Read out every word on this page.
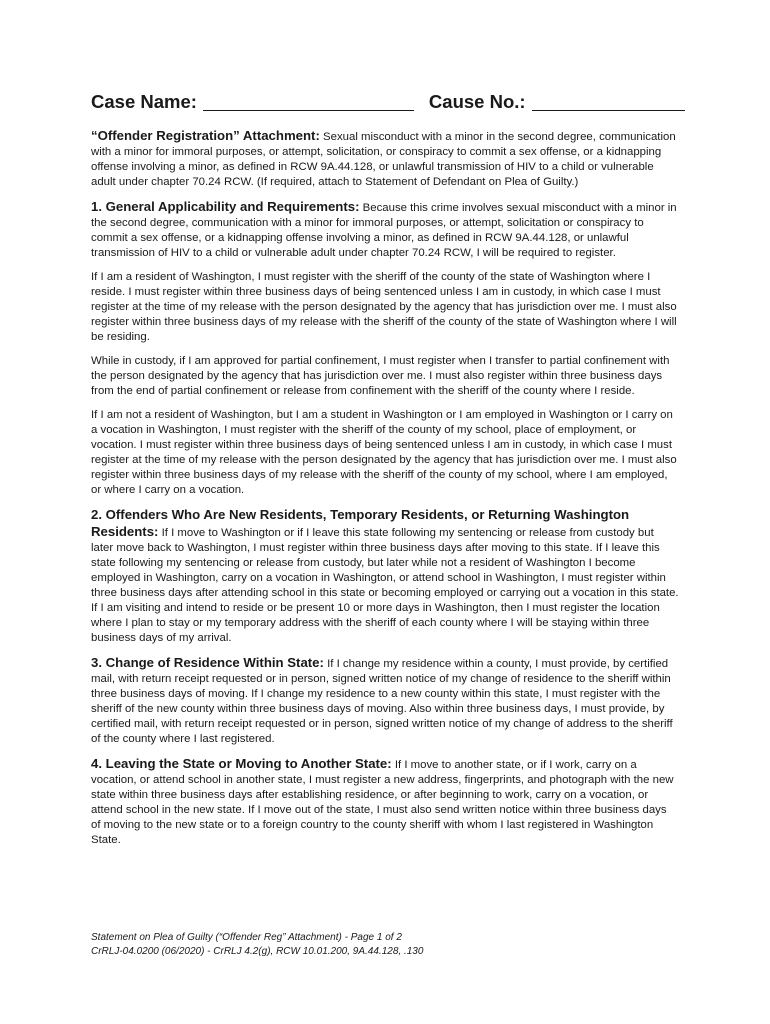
Case Name:	Cause No.:

“Offender Registration” Attachment: Sexual misconduct with a minor in the second degree, communication with a minor for immoral purposes, or attempt, solicitation, or conspiracy to commit a sex offense, or a kidnapping offense involving a minor, as defined in RCW 9A.44.128, or unlawful transmission of HIV to a child or vulnerable adult under chapter 70.24 RCW. (If required, attach to Statement of Defendant on Plea of Guilty.)

1. General Applicability and Requirements: Because this crime involves sexual misconduct with a minor in the second degree, communication with a minor for immoral purposes, or attempt, solicitation or conspiracy to commit a sex offense, or a kidnapping offense involving a minor, as defined in RCW 9A.44.128, or unlawful transmission of HIV to a child or vulnerable adult under chapter 70.24 RCW, I will be required to register.

If I am a resident of Washington, I must register with the sheriff of the county of the state of Washington where I reside. I must register within three business days of being sentenced unless I am in custody, in which case I must register at the time of my release with the person designated by the agency that has jurisdiction over me. I must also register within three business days of my release with the sheriff of the county of the state of Washington where I will be residing.

While in custody, if I am approved for partial confinement, I must register when I transfer to partial confinement with the person designated by the agency that has jurisdiction over me. I must also register within three business days from the end of partial confinement or release from confinement with the sheriff of the county where I reside.

If I am not a resident of Washington, but I am a student in Washington or I am employed in Washington or I carry on a vocation in Washington, I must register with the sheriff of the county of my school, place of employment, or vocation. I must register within three business days of being sentenced unless I am in custody, in which case I must register at the time of my release with the person designated by the agency that has jurisdiction over me. I must also register within three business days of my release with the sheriff of the county of my school, where I am employed, or where I carry on a vocation.

2. Offenders Who Are New Residents, Temporary Residents, or Returning Washington Residents: If I move to Washington or if I leave this state following my sentencing or release from custody but later move back to Washington, I must register within three business days after moving to this state. If I leave this state following my sentencing or release from custody, but later while not a resident of Washington I become employed in Washington, carry on a vocation in Washington, or attend school in Washington, I must register within three business days after attending school in this state or becoming employed or carrying out a vocation in this state. If I am visiting and intend to reside or be present 10 or more days in Washington, then I must register the location where I plan to stay or my temporary address with the sheriff of each county where I will be staying within three business days of my arrival.

3. Change of Residence Within State: If I change my residence within a county, I must provide, by certified mail, with return receipt requested or in person, signed written notice of my change of residence to the sheriff within three business days of moving. If I change my residence to a new county within this state, I must register with the sheriff of the new county within three business days of moving. Also within three business days, I must provide, by certified mail, with return receipt requested or in person, signed written notice of my change of address to the sheriff of the county where I last registered.

4. Leaving the State or Moving to Another State: If I move to another state, or if I work, carry on a vocation, or attend school in another state, I must register a new address, fingerprints, and photograph with the new state within three business days after establishing residence, or after beginning to work, carry on a vocation, or attend school in the new state. If I move out of the state, I must also send written notice within three business days of moving to the new state or to a foreign country to the county sheriff with whom I last registered in Washington State.

Statement on Plea of Guilty (“Offender Reg” Attachment) - Page 1 of 2
CrRLJ-04.0200 (06/2020) - CrRLJ 4.2(g), RCW 10.01.200, 9A.44.128, .130
